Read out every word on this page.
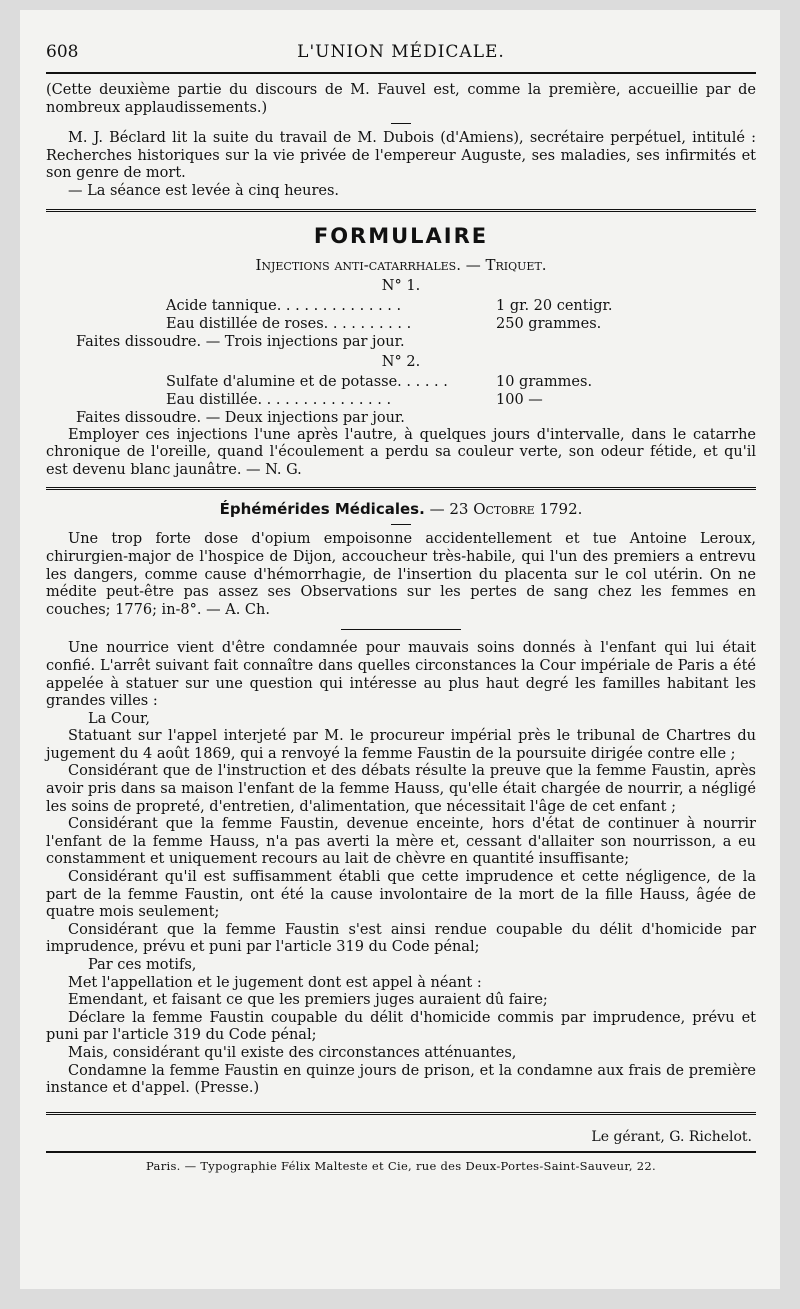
608	L'UNION MÉDICALE.

(Cette deuxième partie du discours de M. Fauvel est, comme la première, accueillie par de nombreux applaudissements.)

M. J. Béclard lit la suite du travail de M. Dubois (d'Amiens), secrétaire perpétuel, intitulé : Recherches historiques sur la vie privée de l'empereur Auguste, ses maladies, ses infirmités et son genre de mort.

— La séance est levée à cinq heures.

FORMULAIRE
Injections anti-catarrhales. — Triquet.
N° 1.
Acide tannique. . . . . . . . . . . . . .	1 gr. 20 centigr.
Eau distillée de roses. . . . . . . . . .	250 grammes.
Faites dissoudre. — Trois injections par jour.
N° 2.
Sulfate d'alumine et de potasse. . . . . .	10 grammes.
Eau distillée. . . . . . . . . . . . . . .	100 —
Faites dissoudre. — Deux injections par jour.

Employer ces injections l'une après l'autre, à quelques jours d'intervalle, dans le catarrhe chronique de l'oreille, quand l'écoulement a perdu sa couleur verte, son odeur fétide, et qu'il est devenu blanc jaunâtre. — N. G.

Éphémérides Médicales. — 23 Octobre 1792.

Une trop forte dose d'opium empoisonne accidentellement et tue Antoine Leroux, chirurgien-major de l'hospice de Dijon, accoucheur très-habile, qui l'un des premiers a entrevu les dangers, comme cause d'hémorrhagie, de l'insertion du placenta sur le col utérin. On ne médite peut-être pas assez ses Observations sur les pertes de sang chez les femmes en couches; 1776; in-8°. — A. Ch.

Une nourrice vient d'être condamnée pour mauvais soins donnés à l'enfant qui lui était confié. L'arrêt suivant fait connaître dans quelles circonstances la Cour impériale de Paris a été appelée à statuer sur une question qui intéresse au plus haut degré les familles habitant les grandes villes :

La Cour,

Statuant sur l'appel interjeté par M. le procureur impérial près le tribunal de Chartres du jugement du 4 août 1869, qui a renvoyé la femme Faustin de la poursuite dirigée contre elle ;

Considérant que de l'instruction et des débats résulte la preuve que la femme Faustin, après avoir pris dans sa maison l'enfant de la femme Hauss, qu'elle était chargée de nourrir, a négligé les soins de propreté, d'entretien, d'alimentation, que nécessitait l'âge de cet enfant ;

Considérant que la femme Faustin, devenue enceinte, hors d'état de continuer à nourrir l'enfant de la femme Hauss, n'a pas averti la mère et, cessant d'allaiter son nourrisson, a eu constamment et uniquement recours au lait de chèvre en quantité insuffisante;

Considérant qu'il est suffisamment établi que cette imprudence et cette négligence, de la part de la femme Faustin, ont été la cause involontaire de la mort de la fille Hauss, âgée de quatre mois seulement;

Considérant que la femme Faustin s'est ainsi rendue coupable du délit d'homicide par imprudence, prévu et puni par l'article 319 du Code pénal;

Par ces motifs,

Met l'appellation et le jugement dont est appel à néant :

Emendant, et faisant ce que les premiers juges auraient dû faire;

Déclare la femme Faustin coupable du délit d'homicide commis par imprudence, prévu et puni par l'article 319 du Code pénal;

Mais, considérant qu'il existe des circonstances atténuantes,

Condamne la femme Faustin en quinze jours de prison, et la condamne aux frais de première instance et d'appel. (Presse.)

Le gérant, G. Richelot.
Paris. — Typographie Félix Malteste et Cie, rue des Deux-Portes-Saint-Sauveur, 22.
